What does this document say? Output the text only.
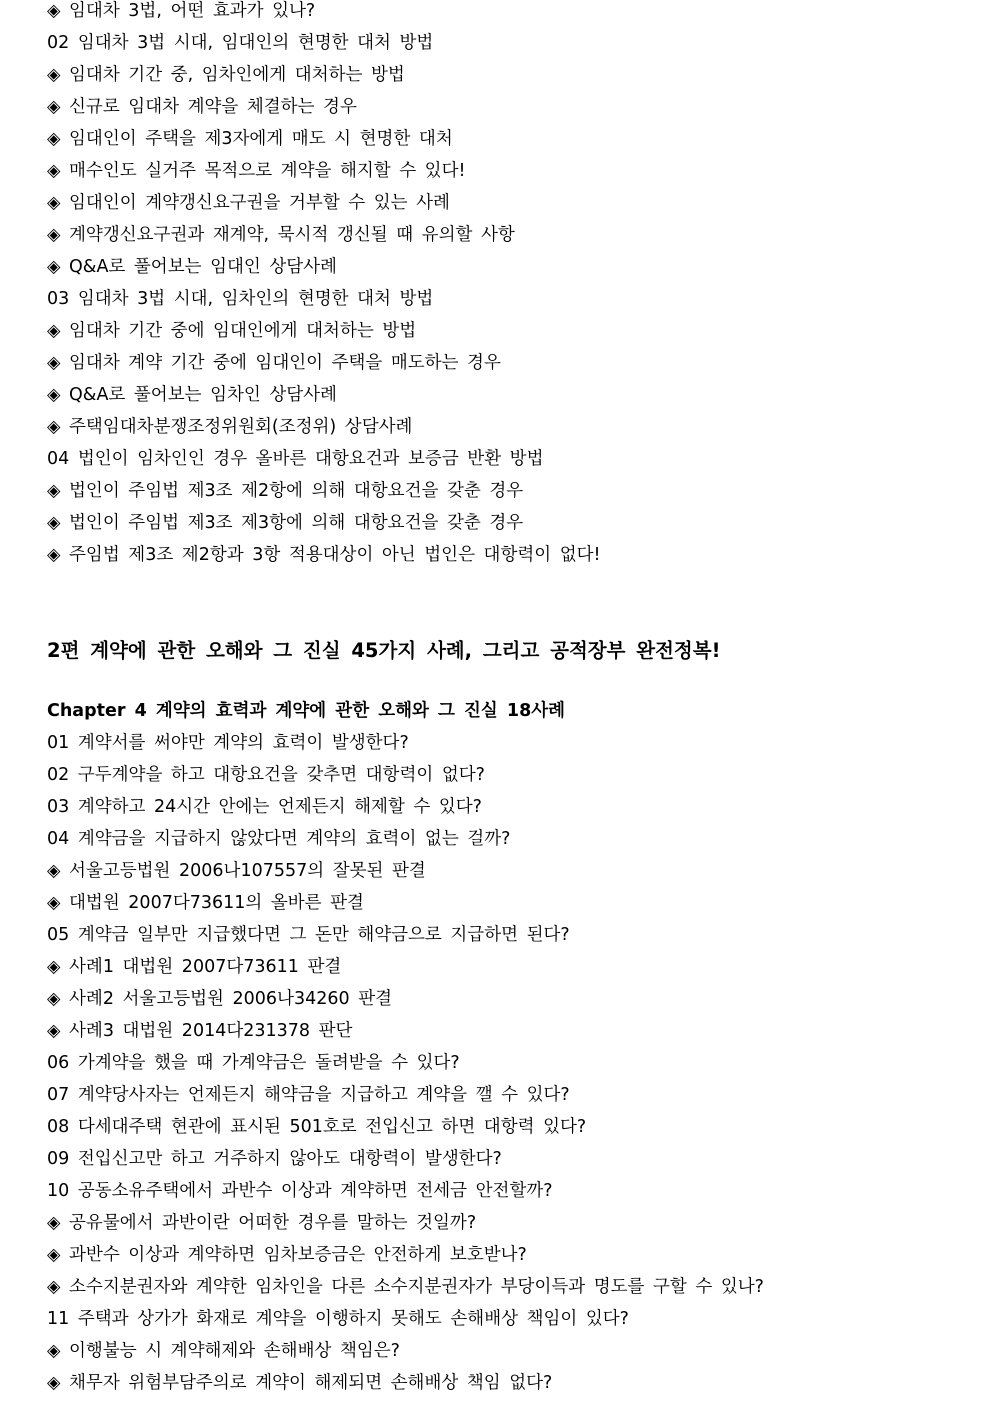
◈ 임대차 3법, 어떤 효과가 있나?
02 임대차 3법 시대, 임대인의 현명한 대처 방법
◈ 임대차 기간 중, 임차인에게 대처하는 방법
◈ 신규로 임대차 계약을 체결하는 경우
◈ 임대인이 주택을 제3자에게 매도 시 현명한 대처
◈ 매수인도 실거주 목적으로 계약을 해지할 수 있다!
◈ 임대인이 계약갱신요구권을 거부할 수 있는 사례
◈ 계약갱신요구권과 재계약, 묵시적 갱신될 때 유의할 사항
◈ Q&A로 풀어보는 임대인 상담사례
03 임대차 3법 시대, 임차인의 현명한 대처 방법
◈ 임대차 기간 중에 임대인에게 대처하는 방법
◈ 임대차 계약 기간 중에 임대인이 주택을 매도하는 경우
◈ Q&A로 풀어보는 임차인 상담사례
◈ 주택임대차분쟁조정위원회(조정위) 상담사례
04 법인이 임차인인 경우 올바른 대항요건과 보증금 반환 방법
◈ 법인이 주임법 제3조 제2항에 의해 대항요건을 갖춘 경우
◈ 법인이 주임법 제3조 제3항에 의해 대항요건을 갖춘 경우
◈ 주임법 제3조 제2항과 3항 적용대상이 아닌 법인은 대항력이 없다!
2편 계약에 관한 오해와 그 진실 45가지 사례, 그리고 공적장부 완전정복!
Chapter 4 계약의 효력과 계약에 관한 오해와 그 진실 18사례
01 계약서를 써야만 계약의 효력이 발생한다?
02 구두계약을 하고 대항요건을 갖추면 대항력이 없다?
03 계약하고 24시간 안에는 언제든지 해제할 수 있다?
04 계약금을 지급하지 않았다면 계약의 효력이 없는 걸까?
◈ 서울고등법원 2006나107557의 잘못된 판결
◈ 대법원 2007다73611의 올바른 판결
05 계약금 일부만 지급했다면 그 돈만 해약금으로 지급하면 된다?
◈ 사례1 대법원 2007다73611 판결
◈ 사례2 서울고등법원 2006나34260 판결
◈ 사례3 대법원 2014다231378 판단
06 가계약을 했을 때 가계약금은 돌려받을 수 있다?
07 계약당사자는 언제든지 해약금을 지급하고 계약을 깰 수 있다?
08 다세대주택 현관에 표시된 501호로 전입신고 하면 대항력 있다?
09 전입신고만 하고 거주하지 않아도 대항력이 발생한다?
10 공동소유주택에서 과반수 이상과 계약하면 전세금 안전할까?
◈ 공유물에서 과반이란 어떠한 경우를 말하는 것일까?
◈ 과반수 이상과 계약하면 임차보증금은 안전하게 보호받나?
◈ 소수지분권자와 계약한 임차인을 다른 소수지분권자가 부당이득과 명도를 구할 수 있나?
11 주택과 상가가 화재로 계약을 이행하지 못해도 손해배상 책임이 있다?
◈ 이행불능 시 계약해제와 손해배상 책임은?
◈ 채무자 위험부담주의로 계약이 해제되면 손해배상 책임 없다?
